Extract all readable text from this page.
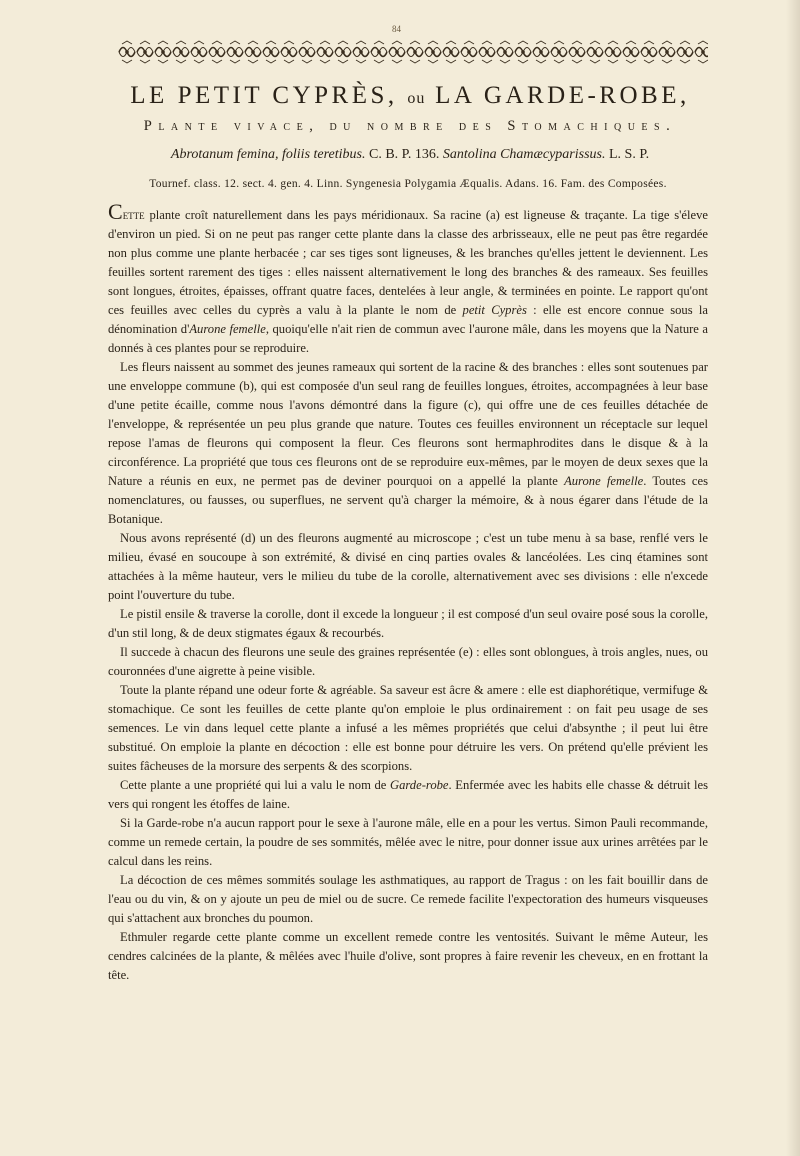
84
LE PETIT CYPRÈS, ou LA GARDE-ROBE,
Plante vivace, du nombre des Stomachiques.
Abrotanum femina, foliis teretibus. C. B. P. 136. Santolina Chamæcyparissus. L. S. P.
Tournef. class. 12. sect. 4. gen. 4. Linn. Syngenesia Polygamia Æqualis. Adans. 16. Fam. des Composées.

Cette plante croît naturellement dans les pays méridionaux. Sa racine (a) est ligneuse & traçante. La tige s'éleve d'environ un pied. Si on ne peut pas ranger cette plante dans la classe des arbrisseaux, elle ne peut pas être regardée non plus comme une plante herbacée ; car ses tiges sont ligneuses, & les branches qu'elles jettent le deviennent. Les feuilles sortent rarement des tiges : elles naissent alternativement le long des branches & des rameaux. Ses feuilles sont longues, étroites, épaisses, offrant quatre faces, dentelées à leur angle, & terminées en pointe. Le rapport qu'ont ces feuilles avec celles du cyprès a valu à la plante le nom de petit Cyprès : elle est encore connue sous la dénomination d'Aurone femelle, quoiqu'elle n'ait rien de commun avec l'aurone mâle, dans les moyens que la Nature a donnés à ces plantes pour se reproduire.

Les fleurs naissent au sommet des jeunes rameaux qui sortent de la racine & des branches : elles sont soutenues par une enveloppe commune (b), qui est composée d'un seul rang de feuilles longues, étroites, accompagnées à leur base d'une petite écaille, comme nous l'avons démontré dans la figure (c), qui offre une de ces feuilles détachée de l'enveloppe, & représentée un peu plus grande que nature. Toutes ces feuilles environnent un réceptacle sur lequel repose l'amas de fleurons qui composent la fleur. Ces fleurons sont hermaphrodites dans le disque & à la circonférence. La propriété que tous ces fleurons ont de se reproduire eux-mêmes, par le moyen de deux sexes que la Nature a réunis en eux, ne permet pas de deviner pourquoi on a appellé la plante Aurone femelle. Toutes ces nomenclatures, ou fausses, ou superflues, ne servent qu'à charger la mémoire, & à nous égarer dans l'étude de la Botanique.

Nous avons représenté (d) un des fleurons augmenté au microscope ; c'est un tube menu à sa base, renflé vers le milieu, évasé en soucoupe à son extrémité, & divisé en cinq parties ovales & lancéolées. Les cinq étamines sont attachées à la même hauteur, vers le milieu du tube de la corolle, alternativement avec ses divisions : elle n'excede point l'ouverture du tube.

Le pistil ensile & traverse la corolle, dont il excede la longueur ; il est composé d'un seul ovaire posé sous la corolle, d'un stil long, & de deux stigmates égaux & recourbés.

Il succede à chacun des fleurons une seule des graines représentée (e) : elles sont oblongues, à trois angles, nues, ou couronnées d'une aigrette à peine visible.

Toute la plante répand une odeur forte & agréable. Sa saveur est âcre & amere : elle est diaphorétique, vermifuge & stomachique. Ce sont les feuilles de cette plante qu'on emploie le plus ordinairement : on fait peu usage de ses semences. Le vin dans lequel cette plante a infusé a les mêmes propriétés que celui d'absynthe ; il peut lui être substitué. On emploie la plante en décoction : elle est bonne pour détruire les vers. On prétend qu'elle prévient les suites fâcheuses de la morsure des serpents & des scorpions.

Cette plante a une propriété qui lui a valu le nom de Garde-robe. Enfermée avec les habits elle chasse & détruit les vers qui rongent les étoffes de laine.

Si la Garde-robe n'a aucun rapport pour le sexe à l'aurone mâle, elle en a pour les vertus. Simon Pauli recommande, comme un remede certain, la poudre de ses sommités, mêlée avec le nitre, pour donner issue aux urines arrêtées par le calcul dans les reins.

La décoction de ces mêmes sommités soulage les asthmatiques, au rapport de Tragus : on les fait bouillir dans de l'eau ou du vin, & on y ajoute un peu de miel ou de sucre. Ce remede facilite l'expectoration des humeurs visqueuses qui s'attachent aux bronches du poumon.

Ethmuler regarde cette plante comme un excellent remede contre les ventosités. Suivant le même Auteur, les cendres calcinées de la plante, & mêlées avec l'huile d'olive, sont propres à faire revenir les cheveux, en en frottant la tête.
